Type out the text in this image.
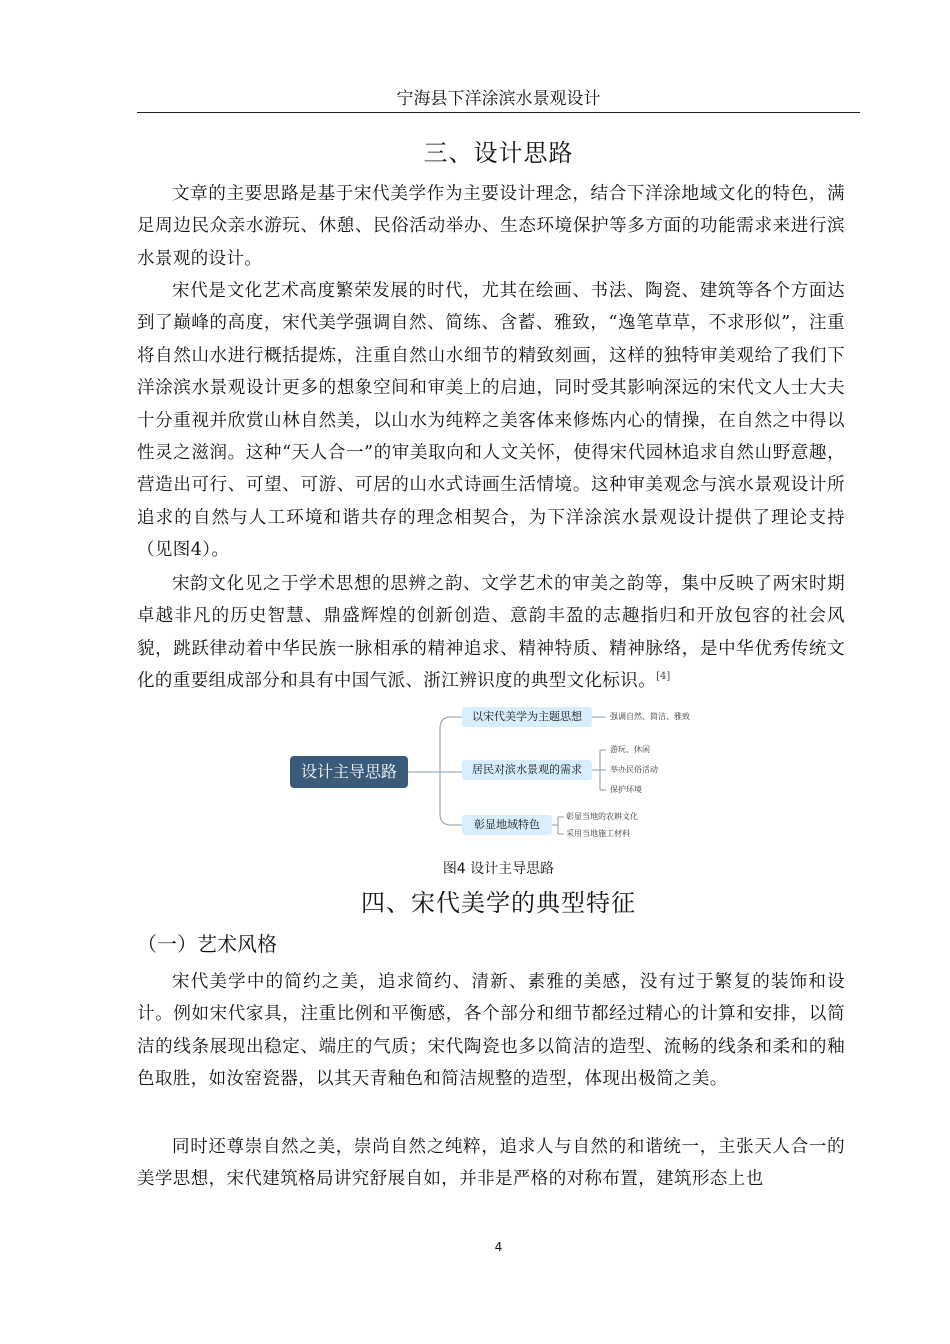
宁海县下洋涂滨水景观设计
三、设计思路

文章的主要思路是基于宋代美学作为主要设计理念，结合下洋涂地域文化的特色，满足周边民众亲水游玩、休憩、民俗活动举办、生态环境保护等多方面的功能需求来进行滨水景观的设计。

宋代是文化艺术高度繁荣发展的时代，尤其在绘画、书法、陶瓷、建筑等各个方面达到了巅峰的高度，宋代美学强调自然、简练、含蓄、雅致，“逸笔草草，不求形似”，注重将自然山水进行概括提炼，注重自然山水细节的精致刻画，这样的独特审美观给了我们下洋涂滨水景观设计更多的想象空间和审美上的启迪，同时受其影响深远的宋代文人士大夫十分重视并欣赏山林自然美，以山水为纯粹之美客体来修炼内心的情操，在自然之中得以性灵之滋润。这种“天人合一”的审美取向和人文关怀，使得宋代园林追求自然山野意趣，营造出可行、可望、可游、可居的山水式诗画生活情境。这种审美观念与滨水景观设计所追求的自然与人工环境和谐共存的理念相契合，为下洋涂滨水景观设计提供了理论支持（见图4）。

宋韵文化见之于学术思想的思辨之韵、文学艺术的审美之韵等，集中反映了两宋时期卓越非凡的历史智慧、鼎盛辉煌的创新创造、意韵丰盈的志趣指归和开放包容的社会风貌，跳跃律动着中华民族一脉相承的精神追求、精神特质、精神脉络，是中华优秀传统文化的重要组成部分和具有中国气派、浙江辨识度的典型文化标识。[4]

设计主导思路
以宋代美学为主题思想
居民对滨水景观的需求
彰显地域特色
强调自然、简洁、雅致
游玩、休闲
举办民俗活动
保护环境
彰显当地的农耕文化
采用当地施工材料
图4 设计主导思路
四、宋代美学的典型特征
（一）艺术风格

宋代美学中的简约之美，追求简约、清新、素雅的美感，没有过于繁复的装饰和设计。例如宋代家具，注重比例和平衡感，各个部分和细节都经过精心的计算和安排，以简洁的线条展现出稳定、端庄的气质；宋代陶瓷也多以简洁的造型、流畅的线条和柔和的釉色取胜，如汝窑瓷器，以其天青釉色和简洁规整的造型，体现出极简之美。

同时还尊崇自然之美，崇尚自然之纯粹，追求人与自然的和谐统一，主张天人合一的美学思想，宋代建筑格局讲究舒展自如，并非是严格的对称布置，建筑形态上也

4
